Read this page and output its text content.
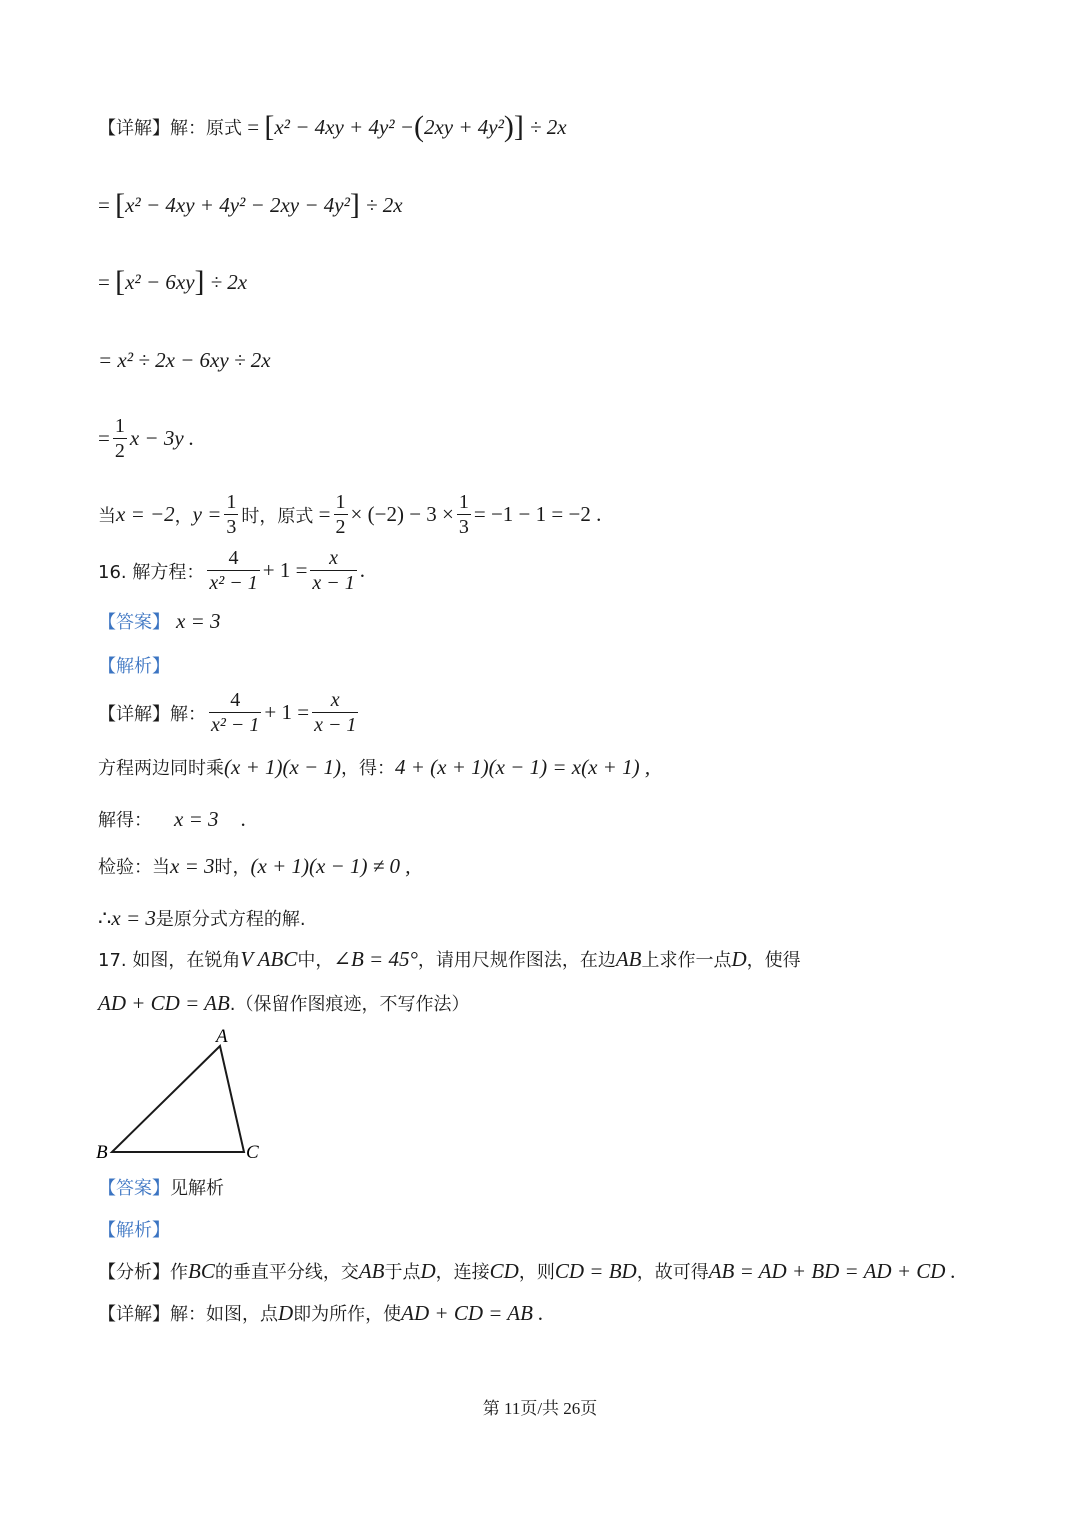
【详解】 解：原式 = [ x² − 4xy + 4y² − ( 2xy + 4y² ) ] ÷ 2x
= [ x² − 4xy + 4y² − 2xy − 4y² ] ÷ 2x
= [ x² − 6xy ] ÷ 2x
= x² ÷ 2x − 6xy ÷ 2x
= $\frac{1}{2}$ x − 3y .
当 x = −2 ， $y = \frac{1}{3}$ 时，原式 = $\frac{1}{2} \times (-2) - 3 \times \frac{1}{3} = -1 - 1 = -2$ .
16. 解方程： $\frac{4}{\text{x² − 1}} + 1 = \frac{x}{x - 1}$ .
【答案】 x = 3
【解析】
【详解】 解： $\frac{4}{\text{x² − 1}} + 1 = \frac{x}{x - 1}$
方程两边同时乘 (x + 1)(x − 1) ，得： 4 + (x + 1)(x − 1) = x(x + 1) ,
解得： x = 3 .
检验：当 x = 3 时， (x + 1)(x − 1) ≠ 0 ,
∴ x = 3 是原分式方程的解.
17. 如图，在锐角 V ABC 中， ∠B = 45° ，请用尺规作图法，在边 AB 上求作一点 D ，使得
AD + CD = AB .（保留作图痕迹，不写作法）
A
B	C
【答案】 见解析
【解析】
【分析】 作 BC 的垂直平分线，交 AB 于点 D ，连接 CD ，则 CD = BD ，故可得 AB = AD + BD = AD + CD .
【详解】 解：如图，点 D 即为所作，使 AD + CD = AB .
第 11页/共 26页
